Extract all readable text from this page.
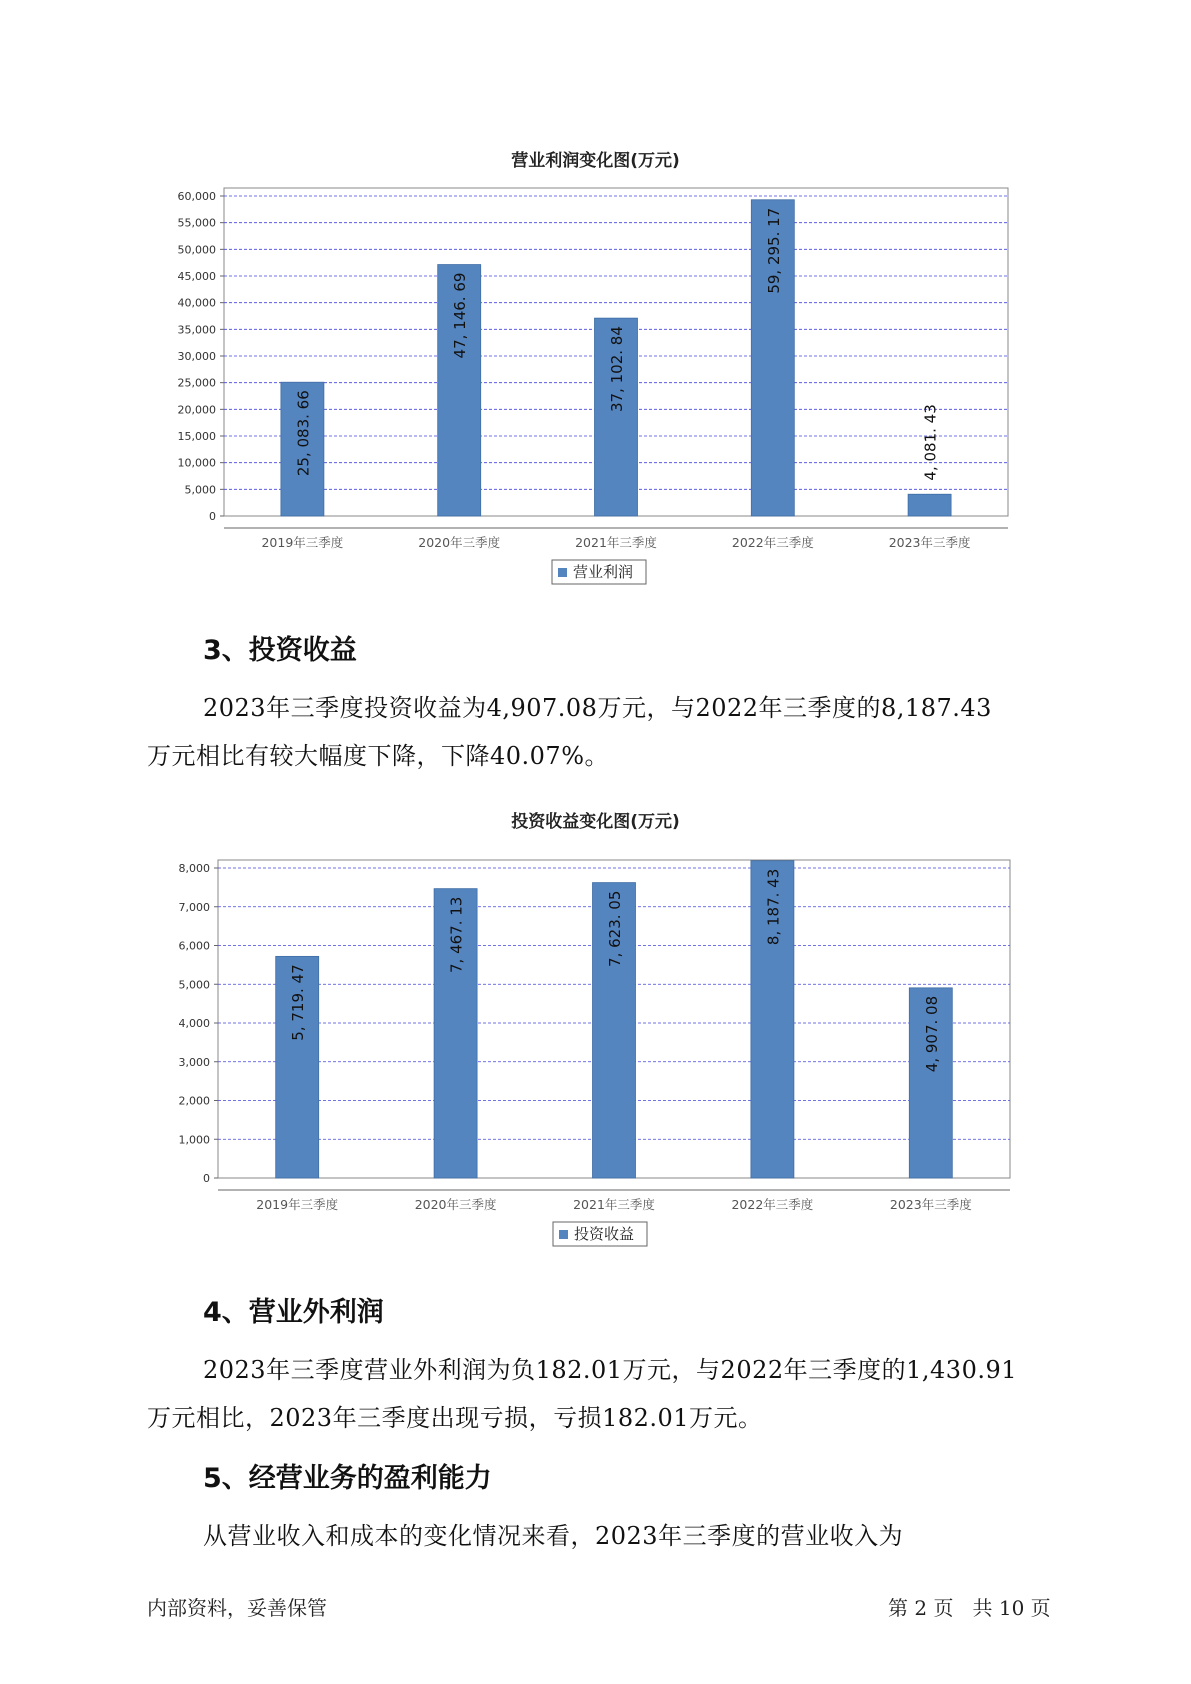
营业利润变化图(万元)
0
5,000
10,000
15,000
20,000
25,000
30,000
35,000
40,000
45,000
50,000
55,000
60,000
25, 083. 66
2019年三季度
47, 146. 69
2020年三季度
37, 102. 84
2021年三季度
59, 295. 17
2022年三季度
4, 081. 43
2023年三季度
营业利润
3、投资收益
2023年三季度投资收益为4,907.08万元，与2022年三季度的8,187.43
万元相比有较大幅度下降，下降40.07%。
投资收益变化图(万元)
0
1,000
2,000
3,000
4,000
5,000
6,000
7,000
8,000
5, 719. 47
2019年三季度
7, 467. 13
2020年三季度
7, 623. 05
2021年三季度
8, 187. 43
2022年三季度
4, 907. 08
2023年三季度
投资收益
4、营业外利润
2023年三季度营业外利润为负182.01万元，与2022年三季度的1,430.91
万元相比，2023年三季度出现亏损，亏损182.01万元。
5、经营业务的盈利能力
从营业收入和成本的变化情况来看，2023年三季度的营业收入为
内部资料，妥善保管	第 2 页   共 10 页
